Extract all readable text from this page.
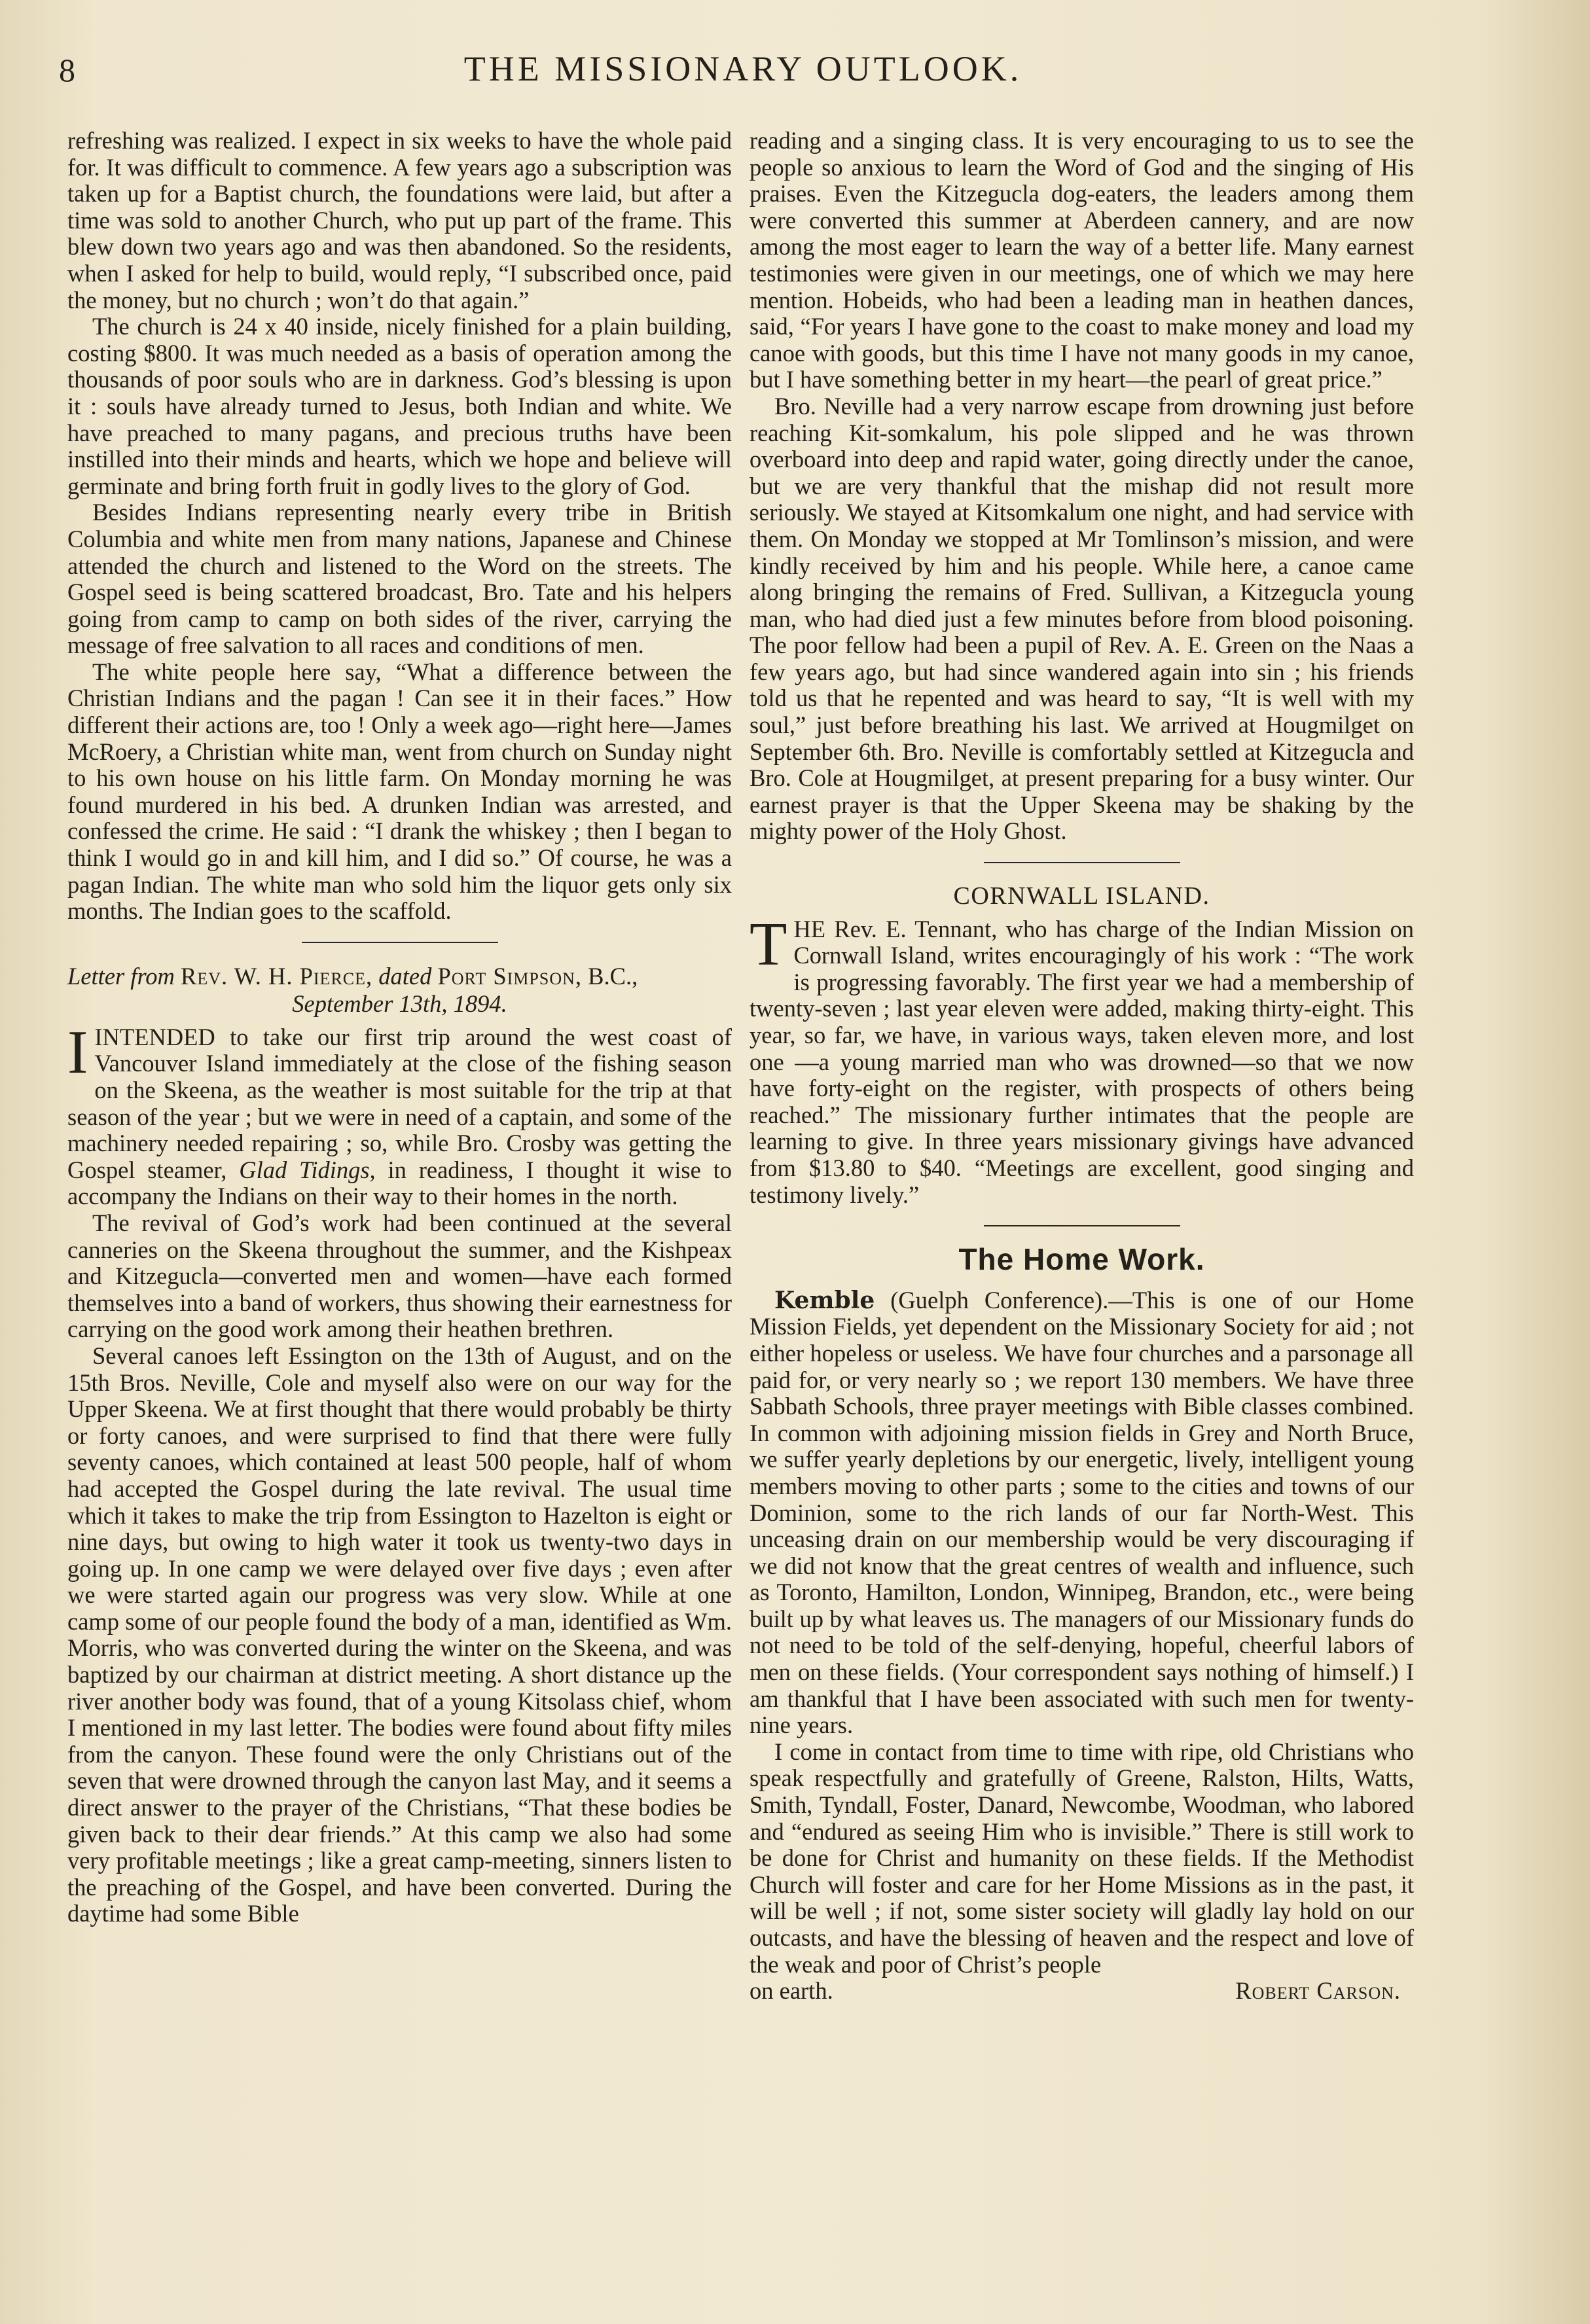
8	THE MISSIONARY OUTLOOK.

refreshing was realized. I expect in six weeks to have the whole paid for. It was difficult to commence. A few years ago a subscription was taken up for a Baptist church, the foundations were laid, but after a time was sold to another Church, who put up part of the frame. This blew down two years ago and was then abandoned. So the residents, when I asked for help to build, would reply, “I subscribed once, paid the money, but no church ; won’t do that again.”

The church is 24 x 40 inside, nicely finished for a plain building, costing $800. It was much needed as a basis of operation among the thousands of poor souls who are in darkness. God’s blessing is upon it : souls have already turned to Jesus, both Indian and white. We have preached to many pagans, and precious truths have been instilled into their minds and hearts, which we hope and believe will germinate and bring forth fruit in godly lives to the glory of God.

Besides Indians representing nearly every tribe in British Columbia and white men from many nations, Japanese and Chinese attended the church and listened to the Word on the streets. The Gospel seed is being scattered broadcast, Bro. Tate and his helpers going from camp to camp on both sides of the river, carrying the message of free salvation to all races and conditions of men.

The white people here say, “What a difference between the Christian Indians and the pagan ! Can see it in their faces.” How different their actions are, too ! Only a week ago—right here—James McRoery, a Christian white man, went from church on Sunday night to his own house on his little farm. On Monday morning he was found murdered in his bed. A drunken Indian was arrested, and confessed the crime. He said : “I drank the whiskey ; then I began to think I would go in and kill him, and I did so.” Of course, he was a pagan Indian. The white man who sold him the liquor gets only six months. The Indian goes to the scaffold.

Letter from Rev. W. H. Pierce, dated Port Simpson, B.C.,
September 13th, 1894.
I INTENDED to take our first trip around the west coast of Vancouver Island immediately at the close of the fishing season on the Skeena, as the weather is most suitable for the trip at that season of the year ; but we were in need of a captain, and some of the machinery needed repairing ; so, while Bro. Crosby was getting the Gospel steamer, Glad Tidings, in readiness, I thought it wise to accompany the Indians on their way to their homes in the north.

The revival of God’s work had been continued at the several canneries on the Skeena throughout the summer, and the Kishpeax and Kitzegucla—converted men and women—have each formed themselves into a band of workers, thus showing their earnestness for carrying on the good work among their heathen brethren.

Several canoes left Essington on the 13th of August, and on the 15th Bros. Neville, Cole and myself also were on our way for the Upper Skeena. We at first thought that there would probably be thirty or forty canoes, and were surprised to find that there were fully seventy canoes, which contained at least 500 people, half of whom had accepted the Gospel during the late revival. The usual time which it takes to make the trip from Essington to Hazelton is eight or nine days, but owing to high water it took us twenty-two days in going up. In one camp we were delayed over five days ; even after we were started again our progress was very slow. While at one camp some of our people found the body of a man, identified as Wm. Morris, who was converted during the winter on the Skeena, and was baptized by our chairman at district meeting. A short distance up the river another body was found, that of a young Kitsolass chief, whom I mentioned in my last letter. The bodies were found about fifty miles from the canyon. These found were the only Christians out of the seven that were drowned through the canyon last May, and it seems a direct answer to the prayer of the Christians, “That these bodies be given back to their dear friends.” At this camp we also had some very profitable meetings ; like a great camp-meeting, sinners listen to the preaching of the Gospel, and have been converted. During the daytime had some Bible

reading and a singing class. It is very encouraging to us to see the people so anxious to learn the Word of God and the singing of His praises. Even the Kitzegucla dog-eaters, the leaders among them were converted this summer at Aberdeen cannery, and are now among the most eager to learn the way of a better life. Many earnest testimonies were given in our meetings, one of which we may here mention. Hobeids, who had been a leading man in heathen dances, said, “For years I have gone to the coast to make money and load my canoe with goods, but this time I have not many goods in my canoe, but I have something better in my heart—the pearl of great price.”

Bro. Neville had a very narrow escape from drowning just before reaching Kit-somkalum, his pole slipped and he was thrown overboard into deep and rapid water, going directly under the canoe, but we are very thankful that the mishap did not result more seriously. We stayed at Kitsomkalum one night, and had service with them. On Monday we stopped at Mr Tomlinson’s mission, and were kindly received by him and his people. While here, a canoe came along bringing the remains of Fred. Sullivan, a Kitzegucla young man, who had died just a few minutes before from blood poisoning. The poor fellow had been a pupil of Rev. A. E. Green on the Naas a few years ago, but had since wandered again into sin ; his friends told us that he repented and was heard to say, “It is well with my soul,” just before breathing his last. We arrived at Hougmilget on September 6th. Bro. Neville is comfortably settled at Kitzegucla and Bro. Cole at Hougmilget, at present preparing for a busy winter. Our earnest prayer is that the Upper Skeena may be shaking by the mighty power of the Holy Ghost.

CORNWALL ISLAND.
T HE Rev. E. Tennant, who has charge of the Indian Mission on Cornwall Island, writes encouragingly of his work : “The work is progressing favorably. The first year we had a membership of twenty-seven ; last year eleven were added, making thirty-eight. This year, so far, we have, in various ways, taken eleven more, and lost one —a young married man who was drowned—so that we now have forty-eight on the register, with prospects of others being reached.” The missionary further intimates that the people are learning to give. In three years missionary givings have advanced from $13.80 to $40. “Meetings are excellent, good singing and testimony lively.”

The Home Work.

Kemble (Guelph Conference).—This is one of our Home Mission Fields, yet dependent on the Missionary Society for aid ; not either hopeless or useless. We have four churches and a parsonage all paid for, or very nearly so ; we report 130 members. We have three Sabbath Schools, three prayer meetings with Bible classes combined. In common with adjoining mission fields in Grey and North Bruce, we suffer yearly depletions by our energetic, lively, intelligent young members moving to other parts ; some to the cities and towns of our Dominion, some to the rich lands of our far North-West. This unceasing drain on our membership would be very discouraging if we did not know that the great centres of wealth and influence, such as Toronto, Hamilton, London, Winnipeg, Brandon, etc., were being built up by what leaves us. The managers of our Missionary funds do not need to be told of the self-denying, hopeful, cheerful labors of men on these fields. (Your correspondent says nothing of himself.) I am thankful that I have been associated with such men for twenty-nine years.

I come in contact from time to time with ripe, old Christians who speak respectfully and gratefully of Greene, Ralston, Hilts, Watts, Smith, Tyndall, Foster, Danard, Newcombe, Woodman, who labored and “endured as seeing Him who is invisible.” There is still work to be done for Christ and humanity on these fields. If the Methodist Church will foster and care for her Home Missions as in the past, it will be well ; if not, some sister society will gladly lay hold on our outcasts, and have the blessing of heaven and the respect and love of the weak and poor of Christ’s people

on earth.	Robert Carson.
